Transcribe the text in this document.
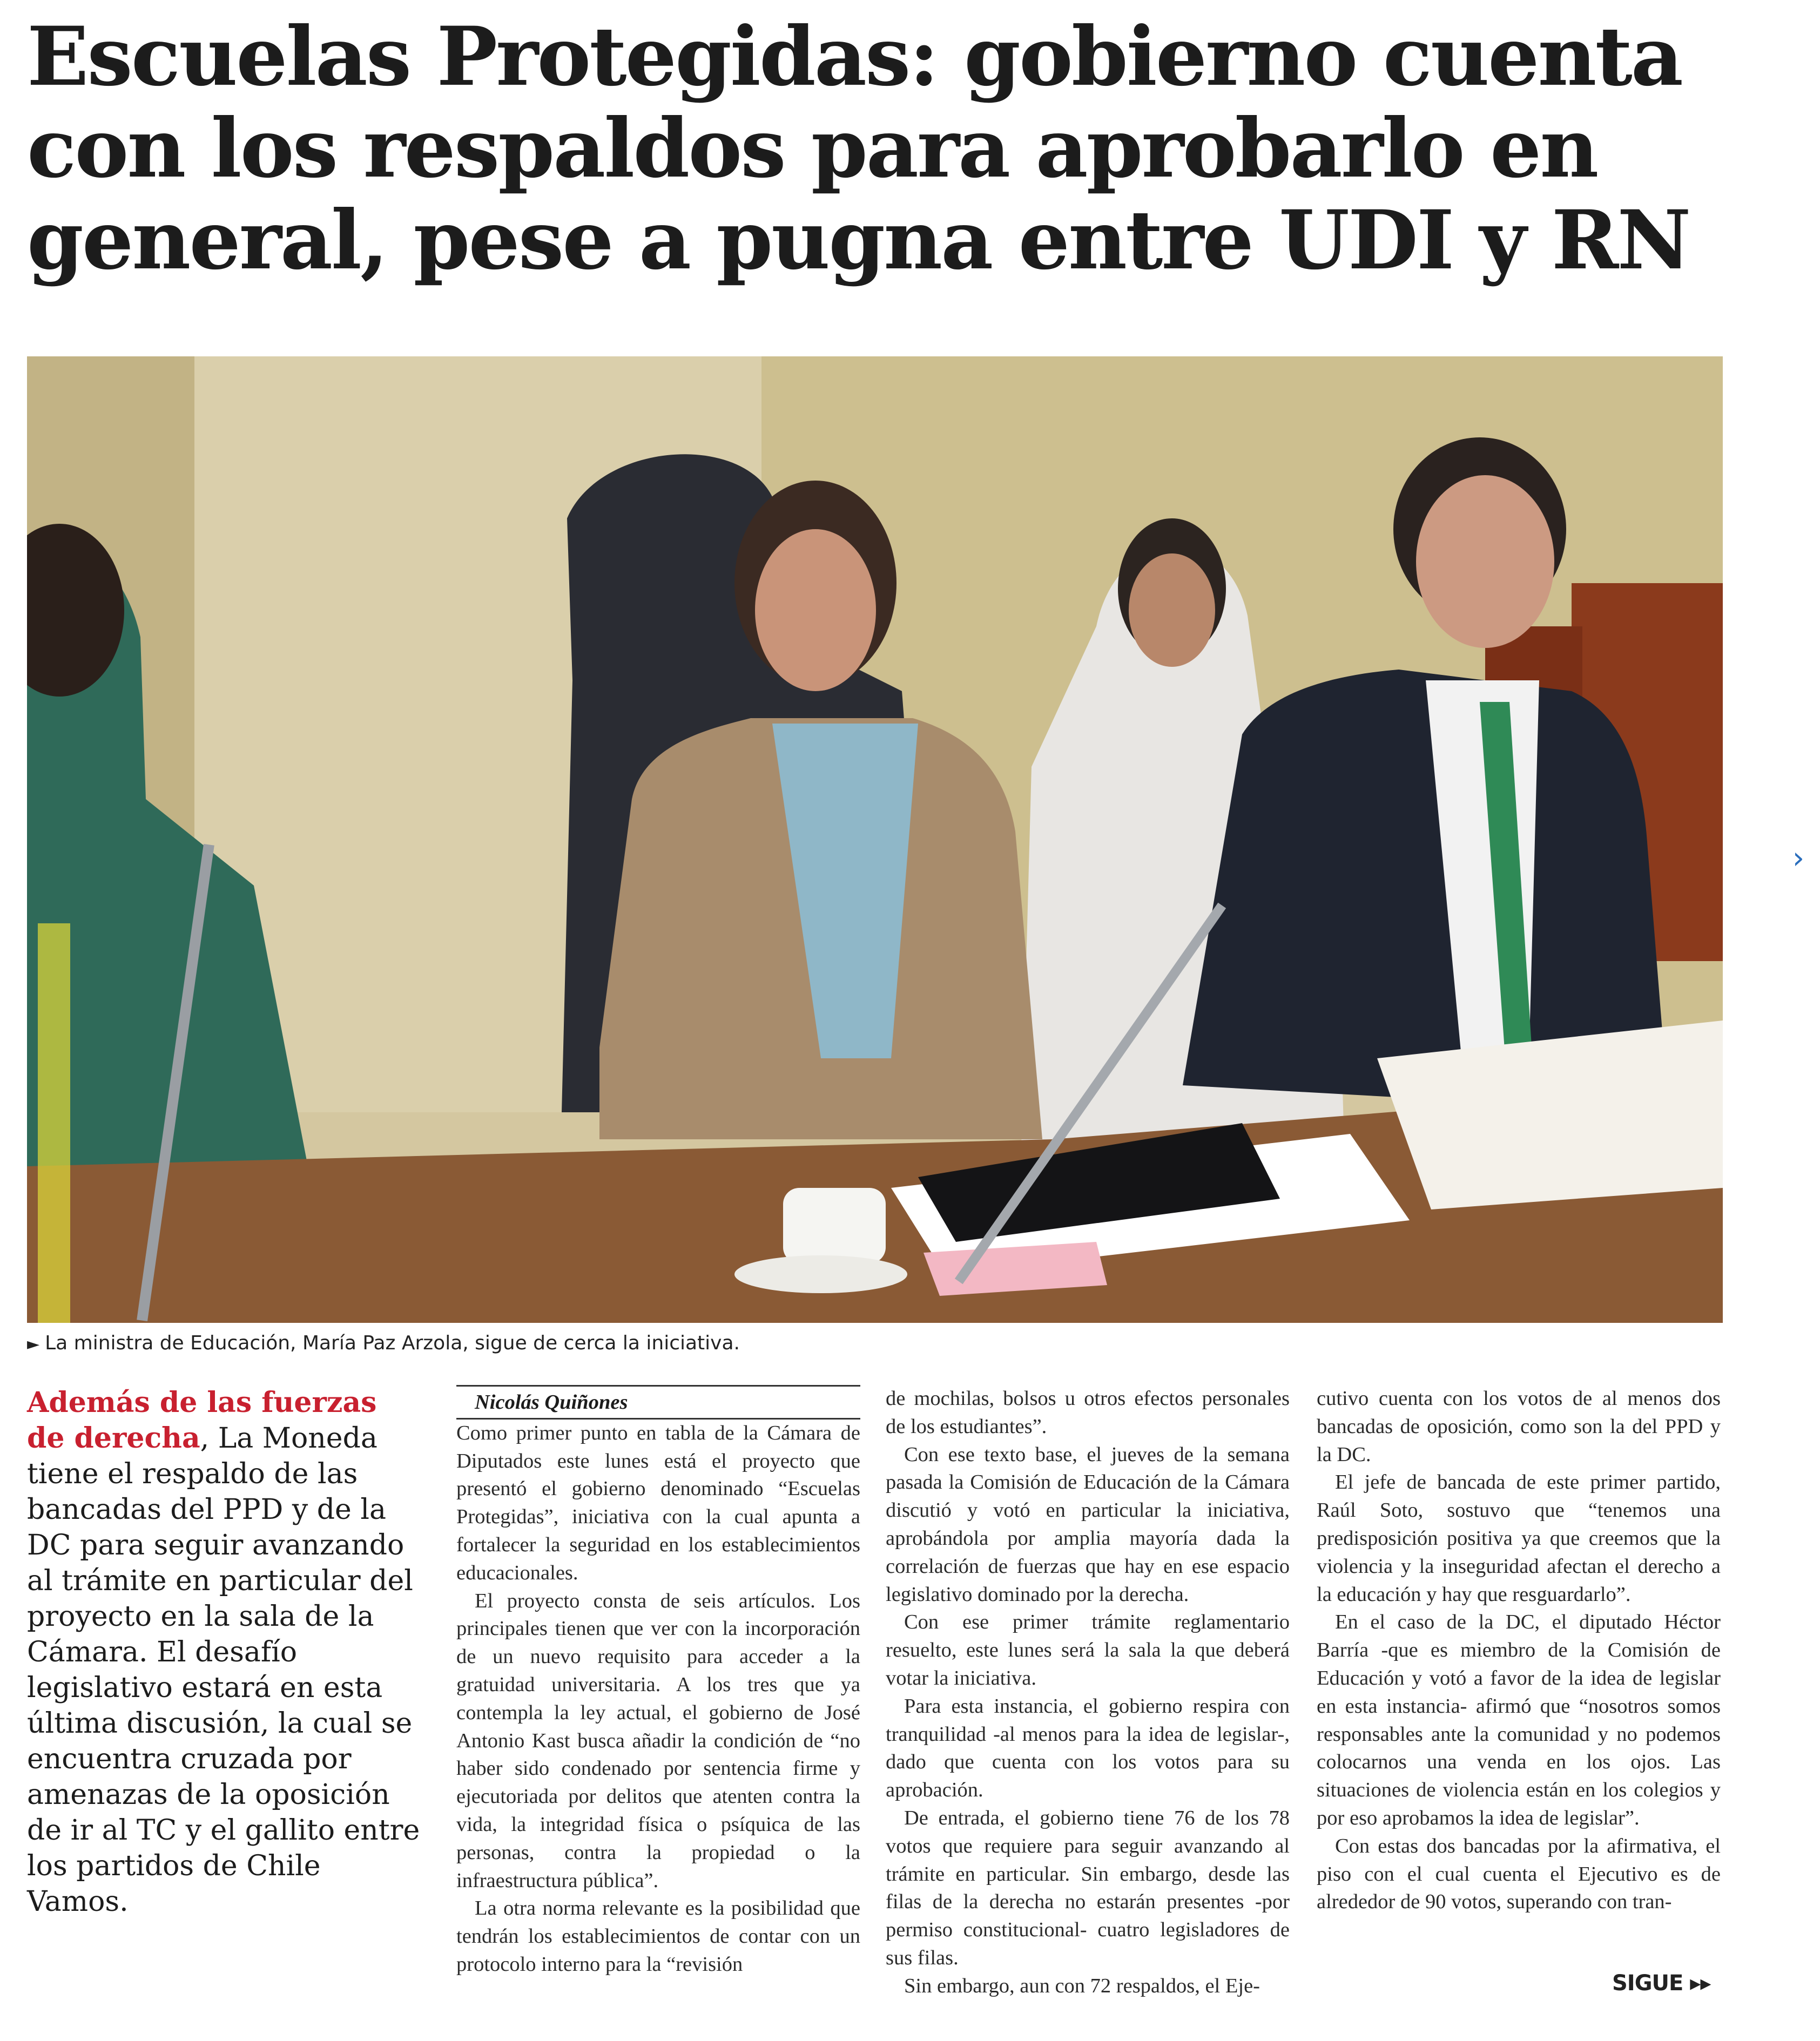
Escuelas Protegidas: gobierno cuenta con los respaldos para aprobarlo en general, pese a pugna entre UDI y RN
► La ministra de Educación, María Paz Arzola, sigue de cerca la iniciativa.
›
Además de las fuerzas de derecha, La Moneda tiene el respaldo de las bancadas del PPD y de la DC para seguir avanzando al trámite en particular del proyecto en la sala de la Cámara. El desafío legislativo estará en esta última discusión, la cual se encuentra cruzada por amenazas de la oposición de ir al TC y el gallito entre los partidos de Chile Vamos.

Nicolás Quiñones

Como primer punto en tabla de la Cámara de Diputados este lunes está el proyecto que presentó el gobierno denominado “Escuelas Protegidas”, iniciativa con la cual apunta a fortalecer la seguridad en los establecimientos educacionales.

El proyecto consta de seis artículos. Los principales tienen que ver con la incorporación de un nuevo requisito para acceder a la gratuidad universitaria. A los tres que ya contempla la ley actual, el gobierno de José Antonio Kast busca añadir la condición de “no haber sido condenado por sentencia firme y ejecutoriada por delitos que atenten contra la vida, la integridad física o psíquica de las personas, contra la propiedad o la infraestructura pública”.

La otra norma relevante es la posibilidad que tendrán los establecimientos de contar con un protocolo interno para la “revisión

de mochilas, bolsos u otros efectos personales de los estudiantes”.

Con ese texto base, el jueves de la semana pasada la Comisión de Educación de la Cámara discutió y votó en particular la iniciativa, aprobándola por amplia mayoría dada la correlación de fuerzas que hay en ese espacio legislativo dominado por la derecha.

Con ese primer trámite reglamentario resuelto, este lunes será la sala la que deberá votar la iniciativa.

Para esta instancia, el gobierno respira con tranquilidad -al menos para la idea de legislar-, dado que cuenta con los votos para su aprobación.

De entrada, el gobierno tiene 76 de los 78 votos que requiere para seguir avanzando al trámite en particular. Sin embargo, desde las filas de la derecha no estarán presentes -por permiso constitucional- cuatro legisladores de sus filas.

Sin embargo, aun con 72 respaldos, el Eje-

cutivo cuenta con los votos de al menos dos bancadas de oposición, como son la del PPD y la DC.

El jefe de bancada de este primer partido, Raúl Soto, sostuvo que “tenemos una predisposición positiva ya que creemos que la violencia y la inseguridad afectan el derecho a la educación y hay que resguardarlo”.

En el caso de la DC, el diputado Héctor Barría -que es miembro de la Comisión de Educación y votó a favor de la idea de legislar en esta instancia- afirmó que “nosotros somos responsables ante la comunidad y no podemos colocarnos una venda en los ojos. Las situaciones de violencia están en los colegios y por eso aprobamos la idea de legislar”.

Con estas dos bancadas por la afirmativa, el piso con el cual cuenta el Ejecutivo es de alrededor de 90 votos, superando con tran-

SIGUE ▸▸
